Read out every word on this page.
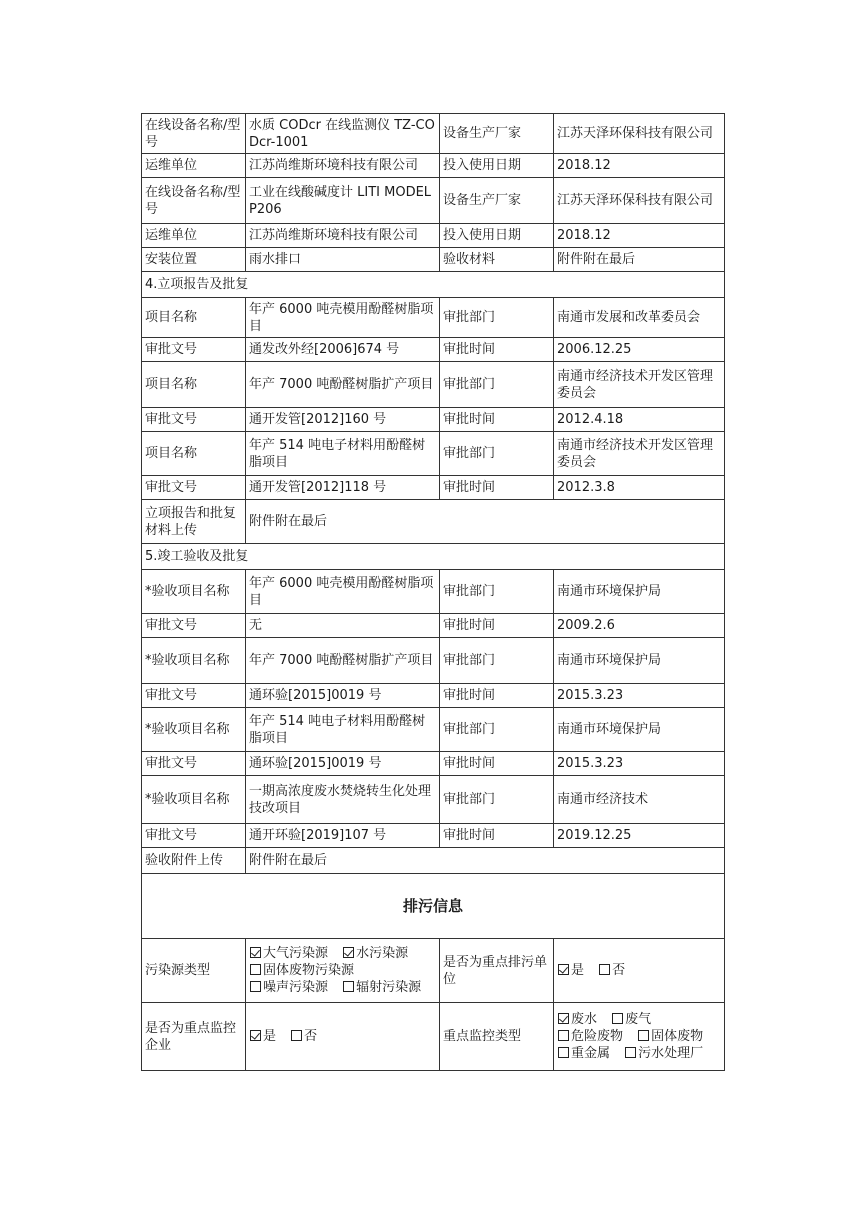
在线设备名称/型号	水质 CODcr 在线监测仪 TZ-CODcr-1001	设备生产厂家	江苏天泽环保科技有限公司
运维单位	江苏尚维斯环境科技有限公司	投入使用日期	2018.12
在线设备名称/型号	工业在线酸碱度计 LITI MODELP206	设备生产厂家	江苏天泽环保科技有限公司
运维单位	江苏尚维斯环境科技有限公司	投入使用日期	2018.12
安装位置	雨水排口	验收材料	附件附在最后
4.立项报告及批复			
项目名称	年产 6000 吨壳模用酚醛树脂项目	审批部门	南通市发展和改革委员会
审批文号	通发改外经[2006]674 号	审批时间	2006.12.25
项目名称	年产 7000 吨酚醛树脂扩产项目	审批部门	南通市经济技术开发区管理委员会
审批文号	通开发管[2012]160 号	审批时间	2012.4.18
项目名称	年产 514 吨电子材料用酚醛树脂项目	审批部门	南通市经济技术开发区管理委员会
审批文号	通开发管[2012]118 号	审批时间	2012.3.8
立项报告和批复材料上传	附件附在最后		
5.竣工验收及批复			
*验收项目名称	年产 6000 吨壳模用酚醛树脂项目	审批部门	南通市环境保护局
审批文号	无	审批时间	2009.2.6
*验收项目名称	年产 7000 吨酚醛树脂扩产项目	审批部门	南通市环境保护局
审批文号	通环验[2015]0019 号	审批时间	2015.3.23
*验收项目名称	年产 514 吨电子材料用酚醛树脂项目	审批部门	南通市环境保护局
审批文号	通环验[2015]0019 号	审批时间	2015.3.23
*验收项目名称	一期高浓度废水焚烧转生化处理技改项目	审批部门	南通市经济技术
审批文号	通开环验[2019]107 号	审批时间	2019.12.25
验收附件上传	附件附在最后		
排污信息			
污染源类型	大气污染源 水污染源 固体废物污染源 噪声污染源 辐射污染源	是否为重点排污单位	是 否
是否为重点监控企业	是 否	重点监控类型	废水 废气 危险废物 固体废物 重金属 污水处理厂
